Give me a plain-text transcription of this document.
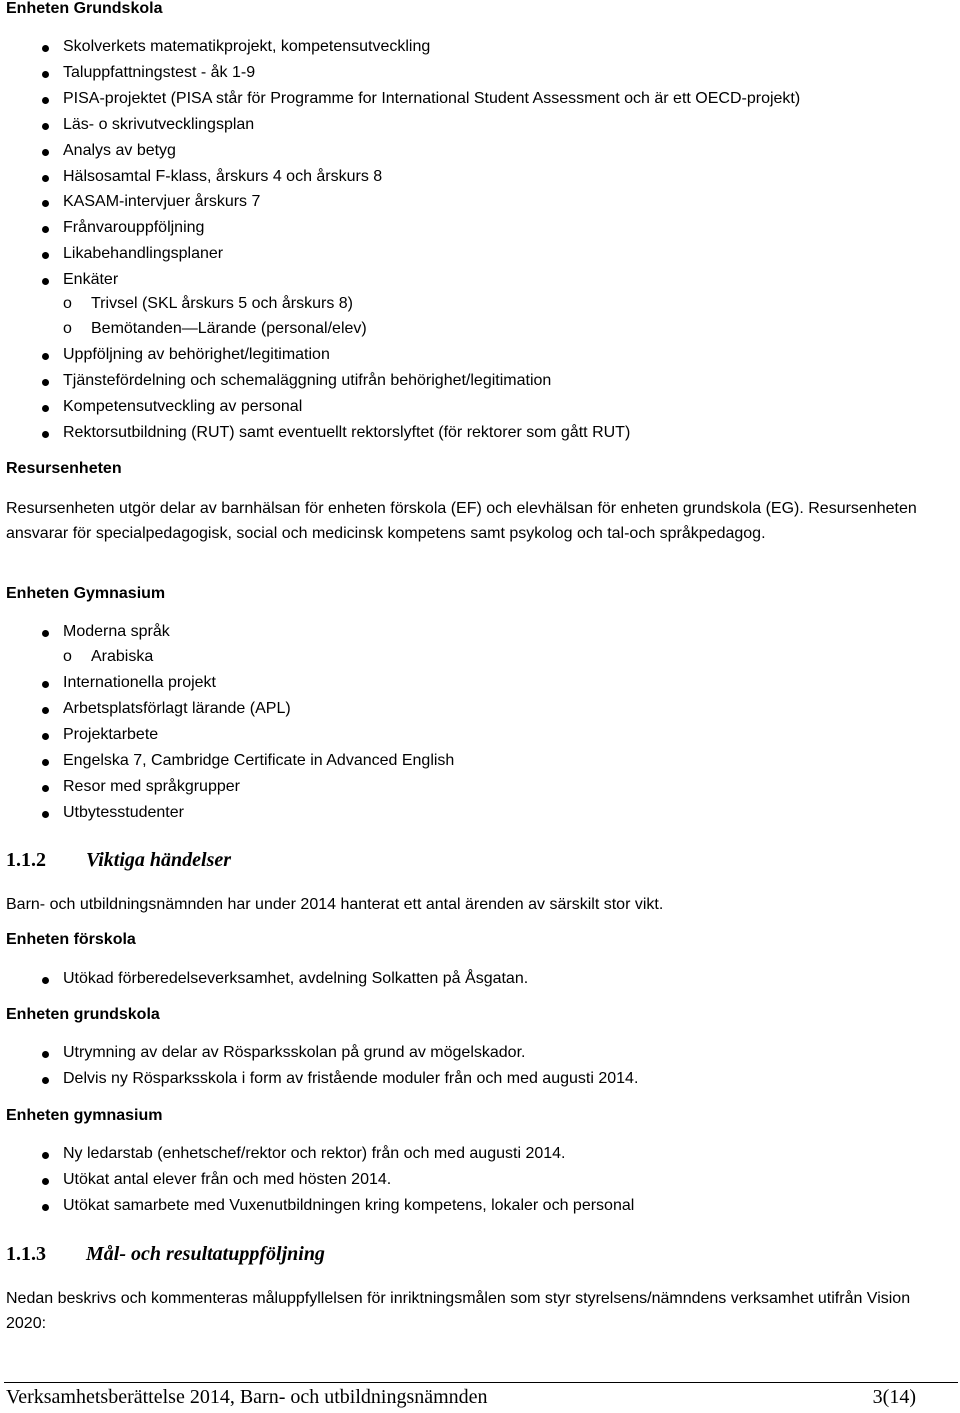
Enheten Grundskola
Skolverkets matematikprojekt, kompetensutveckling
Taluppfattningstest - åk 1-9
PISA-projektet (PISA står för Programme for International Student Assessment och är ett OECD-projekt)
Läs- o skrivutvecklingsplan
Analys av betyg
Hälsosamtal F-klass, årskurs 4 och årskurs 8
KASAM-intervjuer årskurs 7
Frånvarouppföljning
Likabehandlingsplaner
Enkäter
o Trivsel (SKL årskurs 5 och årskurs 8)
o Bemötanden—Lärande (personal/elev)
Uppföljning av behörighet/legitimation
Tjänstefördelning och schemaläggning utifrån behörighet/legitimation
Kompetensutveckling av personal
Rektorsutbildning (RUT) samt eventuellt rektorslyftet (för rektorer som gått RUT)
Resursenheten
Resursenheten utgör delar av barnhälsan för enheten förskola (EF) och elevhälsan för enheten grundskola (EG). Resursenheten ansvarar för specialpedagogisk, social och medicinsk kompetens samt psykolog och tal-och språkpedagog.
Enheten Gymnasium
Moderna språk
o Arabiska
Internationella projekt
Arbetsplatsförlagt lärande (APL)
Projektarbete
Engelska 7, Cambridge Certificate in Advanced English
Resor med språkgrupper
Utbytesstudenter
1.1.2 Viktiga händelser
Barn- och utbildningsnämnden har under 2014 hanterat ett antal ärenden av särskilt stor vikt.
Enheten förskola
Utökad förberedelseverksamhet, avdelning Solkatten på Åsgatan.
Enheten grundskola
Utrymning av delar av Rösparksskolan på grund av mögelskador.
Delvis ny Rösparksskola i form av fristående moduler från och med augusti 2014.
Enheten gymnasium
Ny ledarstab (enhetschef/rektor och rektor) från och med augusti 2014.
Utökat antal elever från och med hösten 2014.
Utökat samarbete med Vuxenutbildningen kring kompetens, lokaler och personal
1.1.3 Mål- och resultatuppföljning
Nedan beskrivs och kommenteras måluppfyllelsen för inriktningsmålen som styr styrelsens/nämndens verksamhet utifrån Vision 2020:
Verksamhetsberättelse 2014, Barn- och utbildningsnämnden	3(14)
